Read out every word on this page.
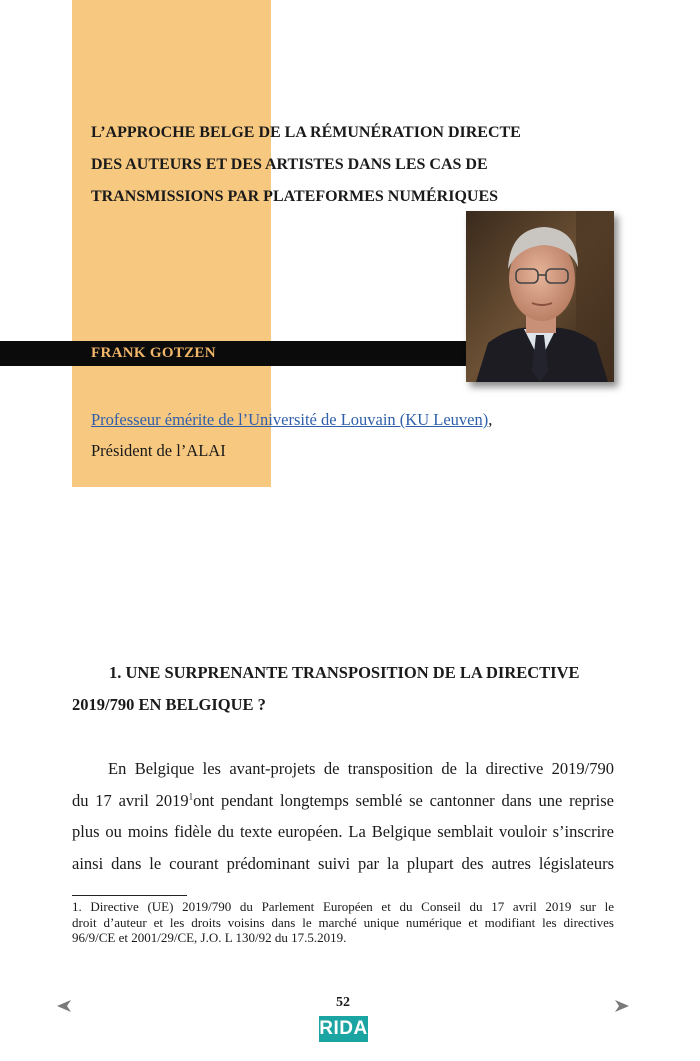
L’APPROCHE BELGE DE LA RÉMUNÉRATION DIRECTE
DES AUTEURS ET DES ARTISTES DANS LES CAS DE
TRANSMISSIONS PAR PLATEFORMES NUMÉRIQUES
FRANK GOTZEN
Professeur émérite de l’Université de Louvain (KU Leuven),
Président de l’ALAI
1. UNE SURPRENANTE TRANSPOSITION DE LA DIRECTIVE
2019/790 EN BELGIQUE ?
En Belgique les avant-projets de transposition de la directive 2019/790
du 17 avril 2019$^1$ont pendant longtemps semblé se cantonner dans une reprise
plus ou moins fidèle du texte européen. La Belgique semblait vouloir s’inscrire
ainsi dans le courant prédominant suivi par la plupart des autres législateurs
1. Directive (UE) 2019/790 du Parlement Européen et du Conseil du 17 avril 2019 sur le
droit d’auteur et les droits voisins dans le marché unique numérique et modifiant les directives
96/9/CE et 2001/29/CE, J.O. L 130/92 du 17.5.2019.
52
RIDA
